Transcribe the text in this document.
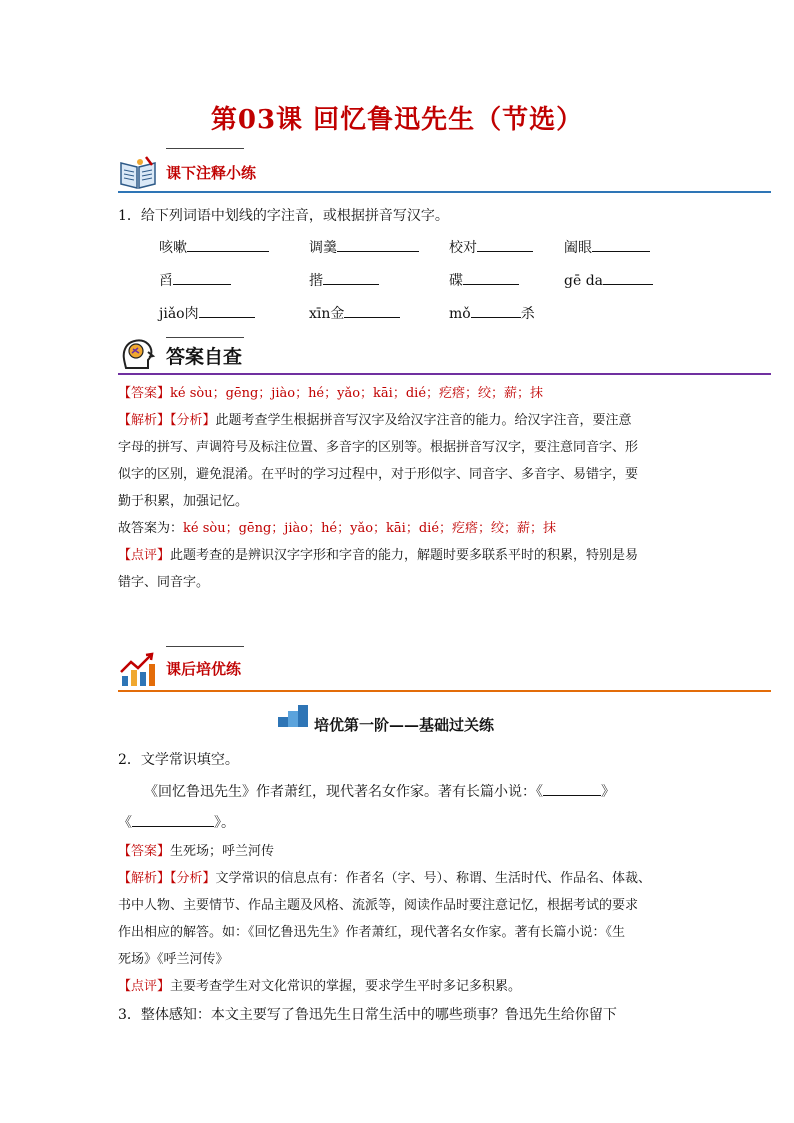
第03课 回忆鲁迅先生（节选）
课下注释小练
1．给下列词语中划线的字注音，或根据拼音写汉字。
咳嗽	调羹	校对	阖眼
舀	揩	碟	gē da
jiǎo肉	xīn金	mǒ	杀
答案自查
【答案】ké sòu；gēng；jiào；hé；yǎo；kāi；dié；疙瘩；绞；薪；抹
【解析】【分析】此题考查学生根据拼音写汉字及给汉字注音的能力。给汉字注音，要注意
字母的拼写、声调符号及标注位置、多音字的区别等。根据拼音写汉字，要注意同音字、形
似字的区别，避免混淆。在平时的学习过程中，对于形似字、同音字、多音字、易错字，要
勤于积累，加强记忆。
故答案为：ké sòu；gēng；jiào；hé；yǎo；kāi；dié；疙瘩；绞；薪；抹
【点评】此题考查的是辨识汉字字形和字音的能力，解题时要多联系平时的积累，特别是易
错字、同音字。
课后培优练
培优第一阶——基础过关练
2．文学常识填空。
《回忆鲁迅先生》作者萧红，现代著名女作家。著有长篇小说：《	》
《	》。
【答案】生死场；呼兰河传
【解析】【分析】文学常识的信息点有：作者名（字、号）、称谓、生活时代、作品名、体裁、
书中人物、主要情节、作品主题及风格、流派等，阅读作品时要注意记忆，根据考试的要求
作出相应的解答。如：《回忆鲁迅先生》作者萧红，现代著名女作家。著有长篇小说：《生
死场》《呼兰河传》
【点评】主要考查学生对文化常识的掌握，要求学生平时多记多积累。
3．整体感知：本文主要写了鲁迅先生日常生活中的哪些琐事？鲁迅先生给你留下
